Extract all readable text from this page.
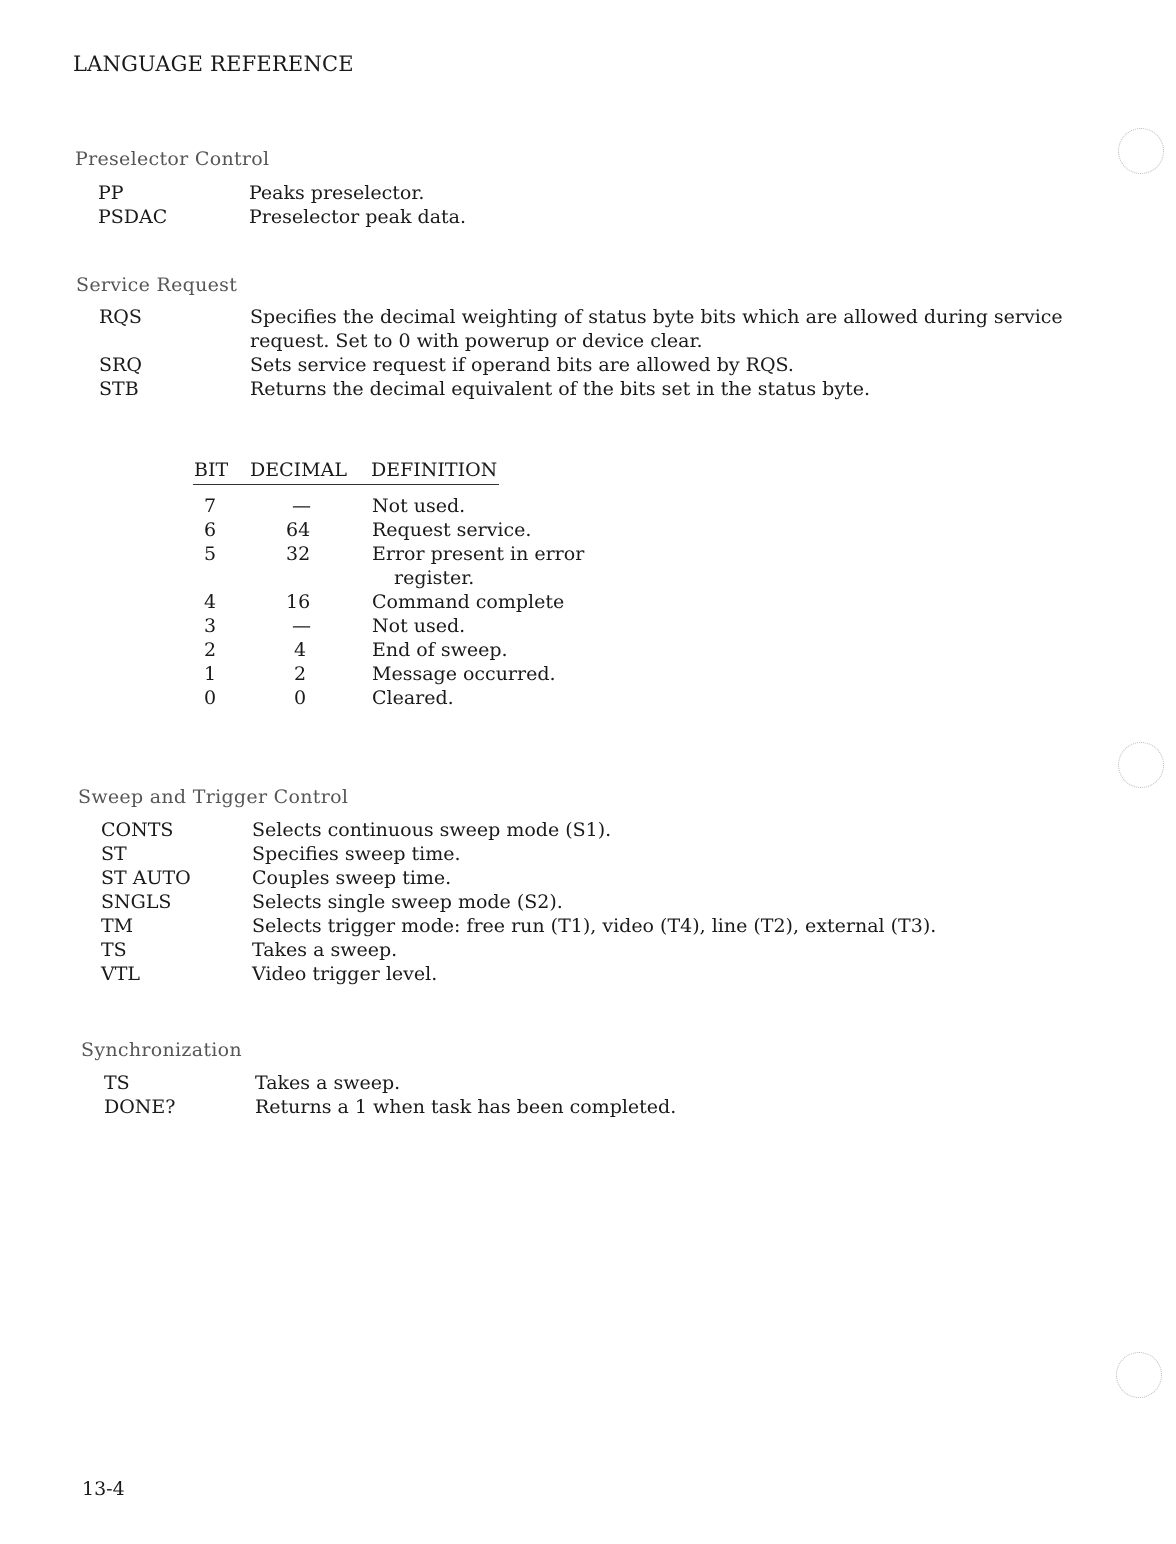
LANGUAGE REFERENCE
Preselector Control
PP	Peaks preselector.
PSDAC	Preselector peak data.
Service Request
RQS	Specifies the decimal weighting of status byte bits which are allowed during service
request. Set to 0 with powerup or device clear.
SRQ	Sets service request if operand bits are allowed by RQS.
STB	Returns the decimal equivalent of the bits set in the status byte.
BIT DECIMAL DEFINITION
7	—	Not used.
6	64	Request service.
5	32	Error present in error
register.
4	16	Command complete
3	—	Not used.
2	4	End of sweep.
1	2	Message occurred.
0	0	Cleared.
Sweep and Trigger Control
CONTS	Selects continuous sweep mode (S1).
ST	Specifies sweep time.
ST AUTO	Couples sweep time.
SNGLS	Selects single sweep mode (S2).
TM	Selects trigger mode: free run (T1), video (T4), line (T2), external (T3).
TS	Takes a sweep.
VTL	Video trigger level.
Synchronization
TS	Takes a sweep.
DONE?	Returns a 1 when task has been completed.
13-4
